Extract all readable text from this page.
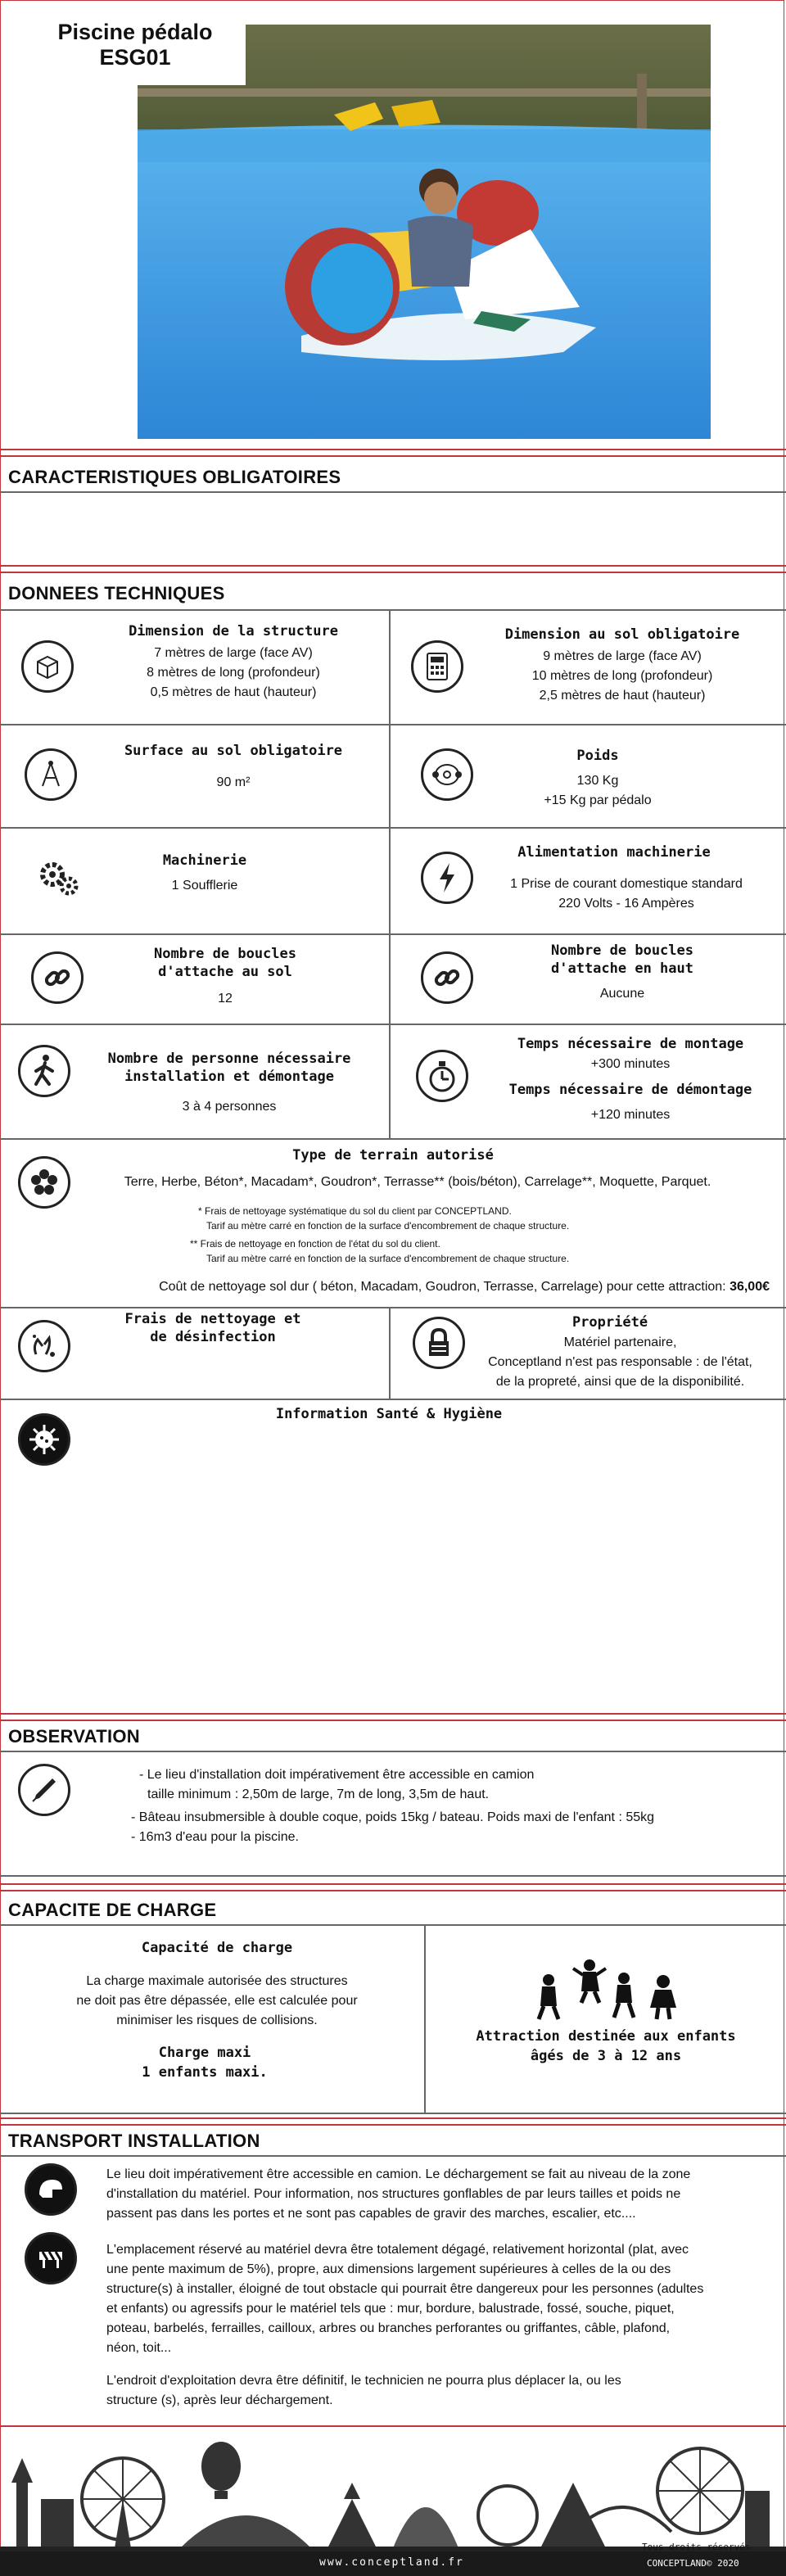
Piscine pédalo
ESG01
CARACTERISTIQUES OBLIGATOIRES
DONNEES TECHNIQUES
Dimension de la structure
7 mètres de large (face AV)
8 mètres de long (profondeur)
0,5 mètres de haut (hauteur)
Dimension au sol obligatoire
9 mètres de large (face AV)
10 mètres de long (profondeur)
2,5 mètres de haut (hauteur)
Surface au sol obligatoire
90 m²
Poids
130 Kg
+15 Kg par pédalo
Machinerie
1 Soufflerie
Alimentation machinerie
1 Prise de courant domestique standard
220 Volts - 16 Ampères
Nombre de boucles
d'attache au sol
12
Nombre de boucles
d'attache en haut
Aucune
Nombre de personne nécessaire
installation et démontage
3 à 4 personnes
Temps nécessaire de montage
+300 minutes
Temps nécessaire de démontage
+120 minutes
Type de terrain autorisé
Terre, Herbe, Béton*, Macadam*, Goudron*, Terrasse** (bois/béton), Carrelage**, Moquette, Parquet.
* Frais de nettoyage systématique du sol du client par CONCEPTLAND.
Tarif au mètre carré en fonction de la surface d'encombrement de chaque structure.
** Frais de nettoyage en fonction de l'état du sol du client.
Tarif au mètre carré en fonction de la surface d'encombrement de chaque structure.
Coût de nettoyage sol dur ( béton, Macadam, Goudron, Terrasse, Carrelage) pour cette attraction: 36,00€
Frais de nettoyage et
de désinfection
Propriété
Matériel partenaire,
Conceptland n'est pas responsable : de l'état,
de la propreté, ainsi que de la disponibilité.
Information Santé & Hygiène
OBSERVATION
- Le lieu d'installation doit impérativement être accessible en camion
taille minimum : 2,50m de large, 7m de long, 3,5m de haut.
- Bâteau insubmersible à double coque, poids 15kg / bateau. Poids maxi de l'enfant : 55kg
- 16m3 d'eau pour la piscine.
CAPACITE DE CHARGE
Capacité de charge
La charge maximale autorisée des structures
ne doit pas être dépassée, elle est calculée pour
minimiser les risques de collisions.
Charge maxi
1 enfants maxi.
Attraction destinée aux enfants
âgés de 3 à 12 ans
TRANSPORT INSTALLATION
Le lieu doit impérativement être accessible en camion. Le déchargement se fait au niveau de la zone
d'installation du matériel. Pour information, nos structures gonflables de par leurs tailles et poids ne
passent pas dans les portes et ne sont pas capables de gravir des marches, escalier, etc....
L'emplacement réservé au matériel devra être totalement dégagé, relativement horizontal (plat, avec
une pente maximum de 5%), propre, aux dimensions largement supérieures à celles de la ou des
structure(s) à installer, éloigné de tout obstacle qui pourrait être dangereux pour les personnes (adultes
et enfants) ou agressifs pour le matériel tels que : mur, bordure, balustrade, fossé, souche, piquet,
poteau, barbelés, ferrailles, cailloux, arbres ou branches perforantes ou griffantes, câble, plafond,
néon, toit...
L'endroit d'exploitation devra être définitif, le technicien ne pourra plus déplacer la, ou les
structure (s), après leur déchargement.
www.conceptland.fr
Tous droits réservés
CONCEPTLAND© 2020
